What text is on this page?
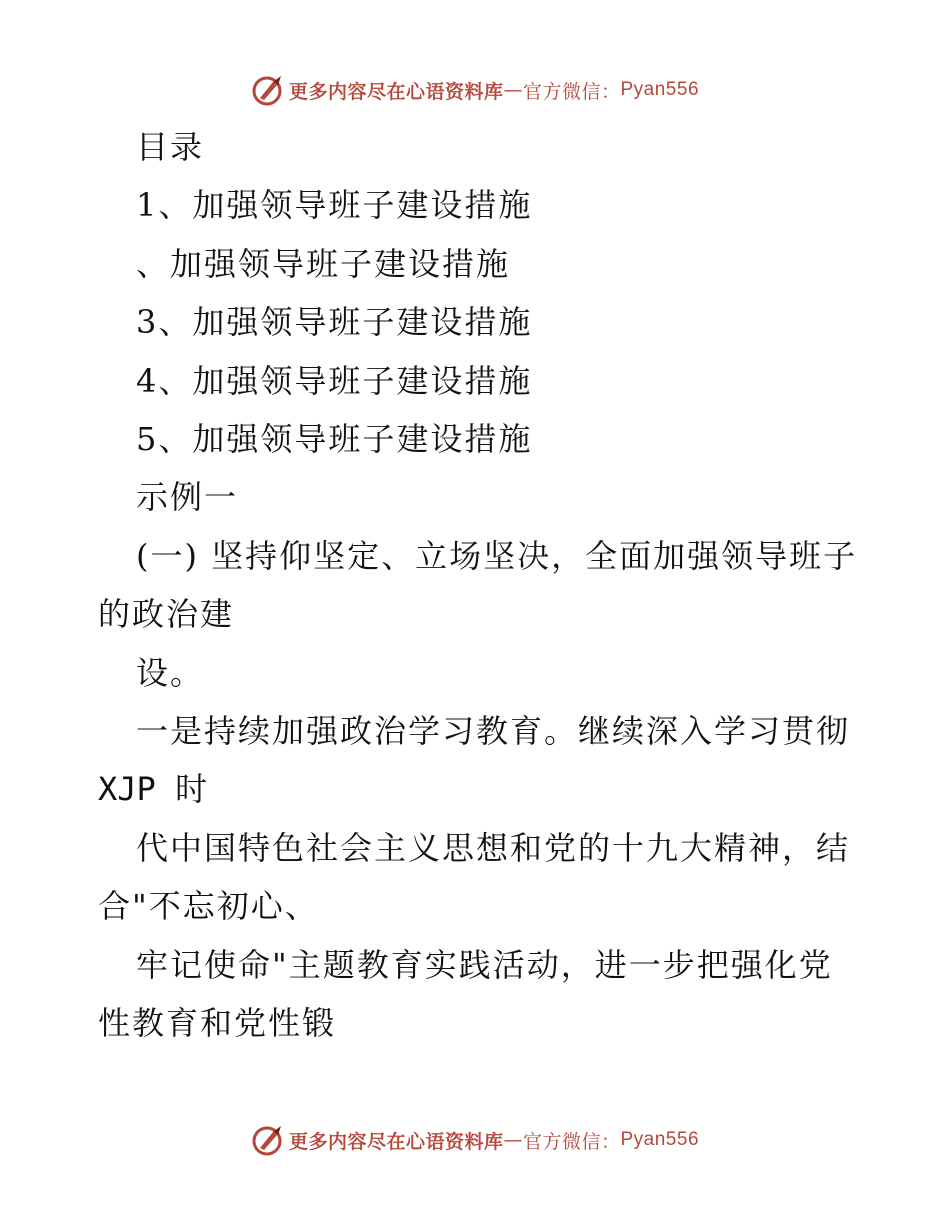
更多内容尽在心语资料库 — 官方微信： Pyan556
目录
1、加强领导班子建设措施
、加强领导班子建设措施
3、加强领导班子建设措施
4、加强领导班子建设措施
5、加强领导班子建设措施
示例一
(一) 坚持仰坚定、立场坚决，全面加强领导班子
的政治建
设。
一是持续加强政治学习教育。继续深入学习贯彻
XJP 时
代中国特色社会主义思想和党的十九大精神，结
合"不忘初心、
牢记使命"主题教育实践活动，进一步把强化党
性教育和党性锻
更多内容尽在心语资料库 — 官方微信： Pyan556
